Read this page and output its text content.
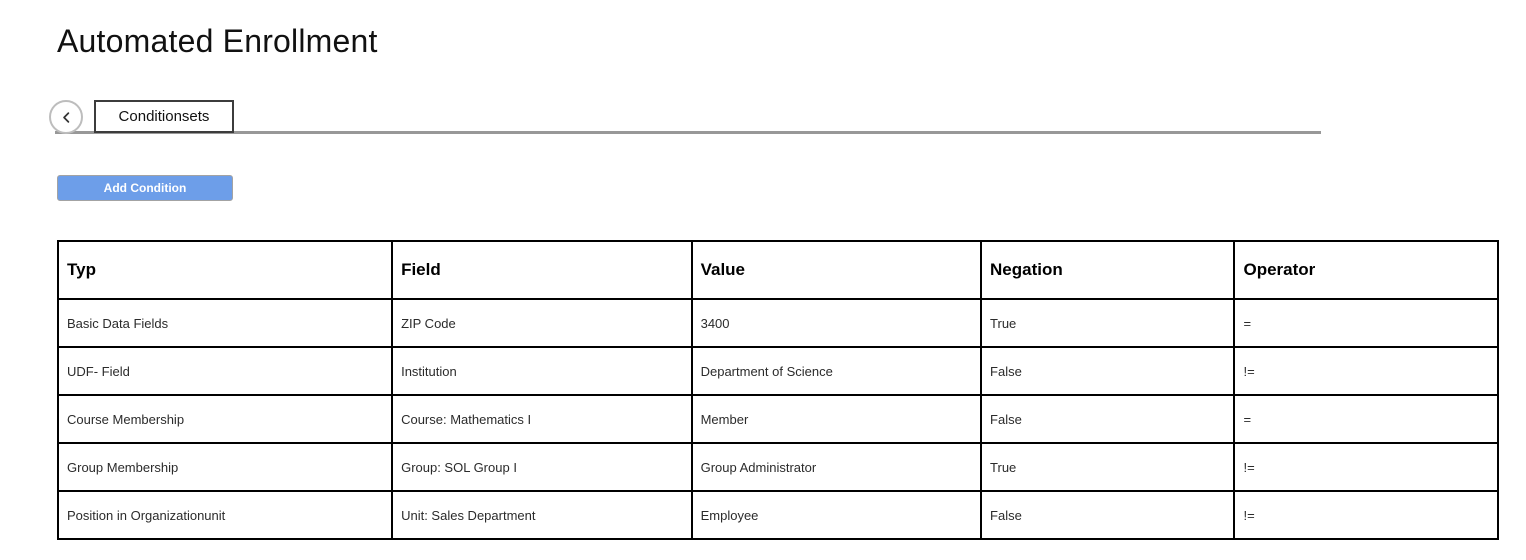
Automated Enrollment
Conditionsets
Add Condition
Typ	Field	Value	Negation	Operator
Basic Data Fields	ZIP Code	3400	True	=
UDF- Field	Institution	Department of Science	False	!=
Course Membership	Course: Mathematics I	Member	False	=
Group Membership	Group: SOL Group I	Group Administrator	True	!=
Position in Organizationunit	Unit: Sales Department	Employee	False	!=
